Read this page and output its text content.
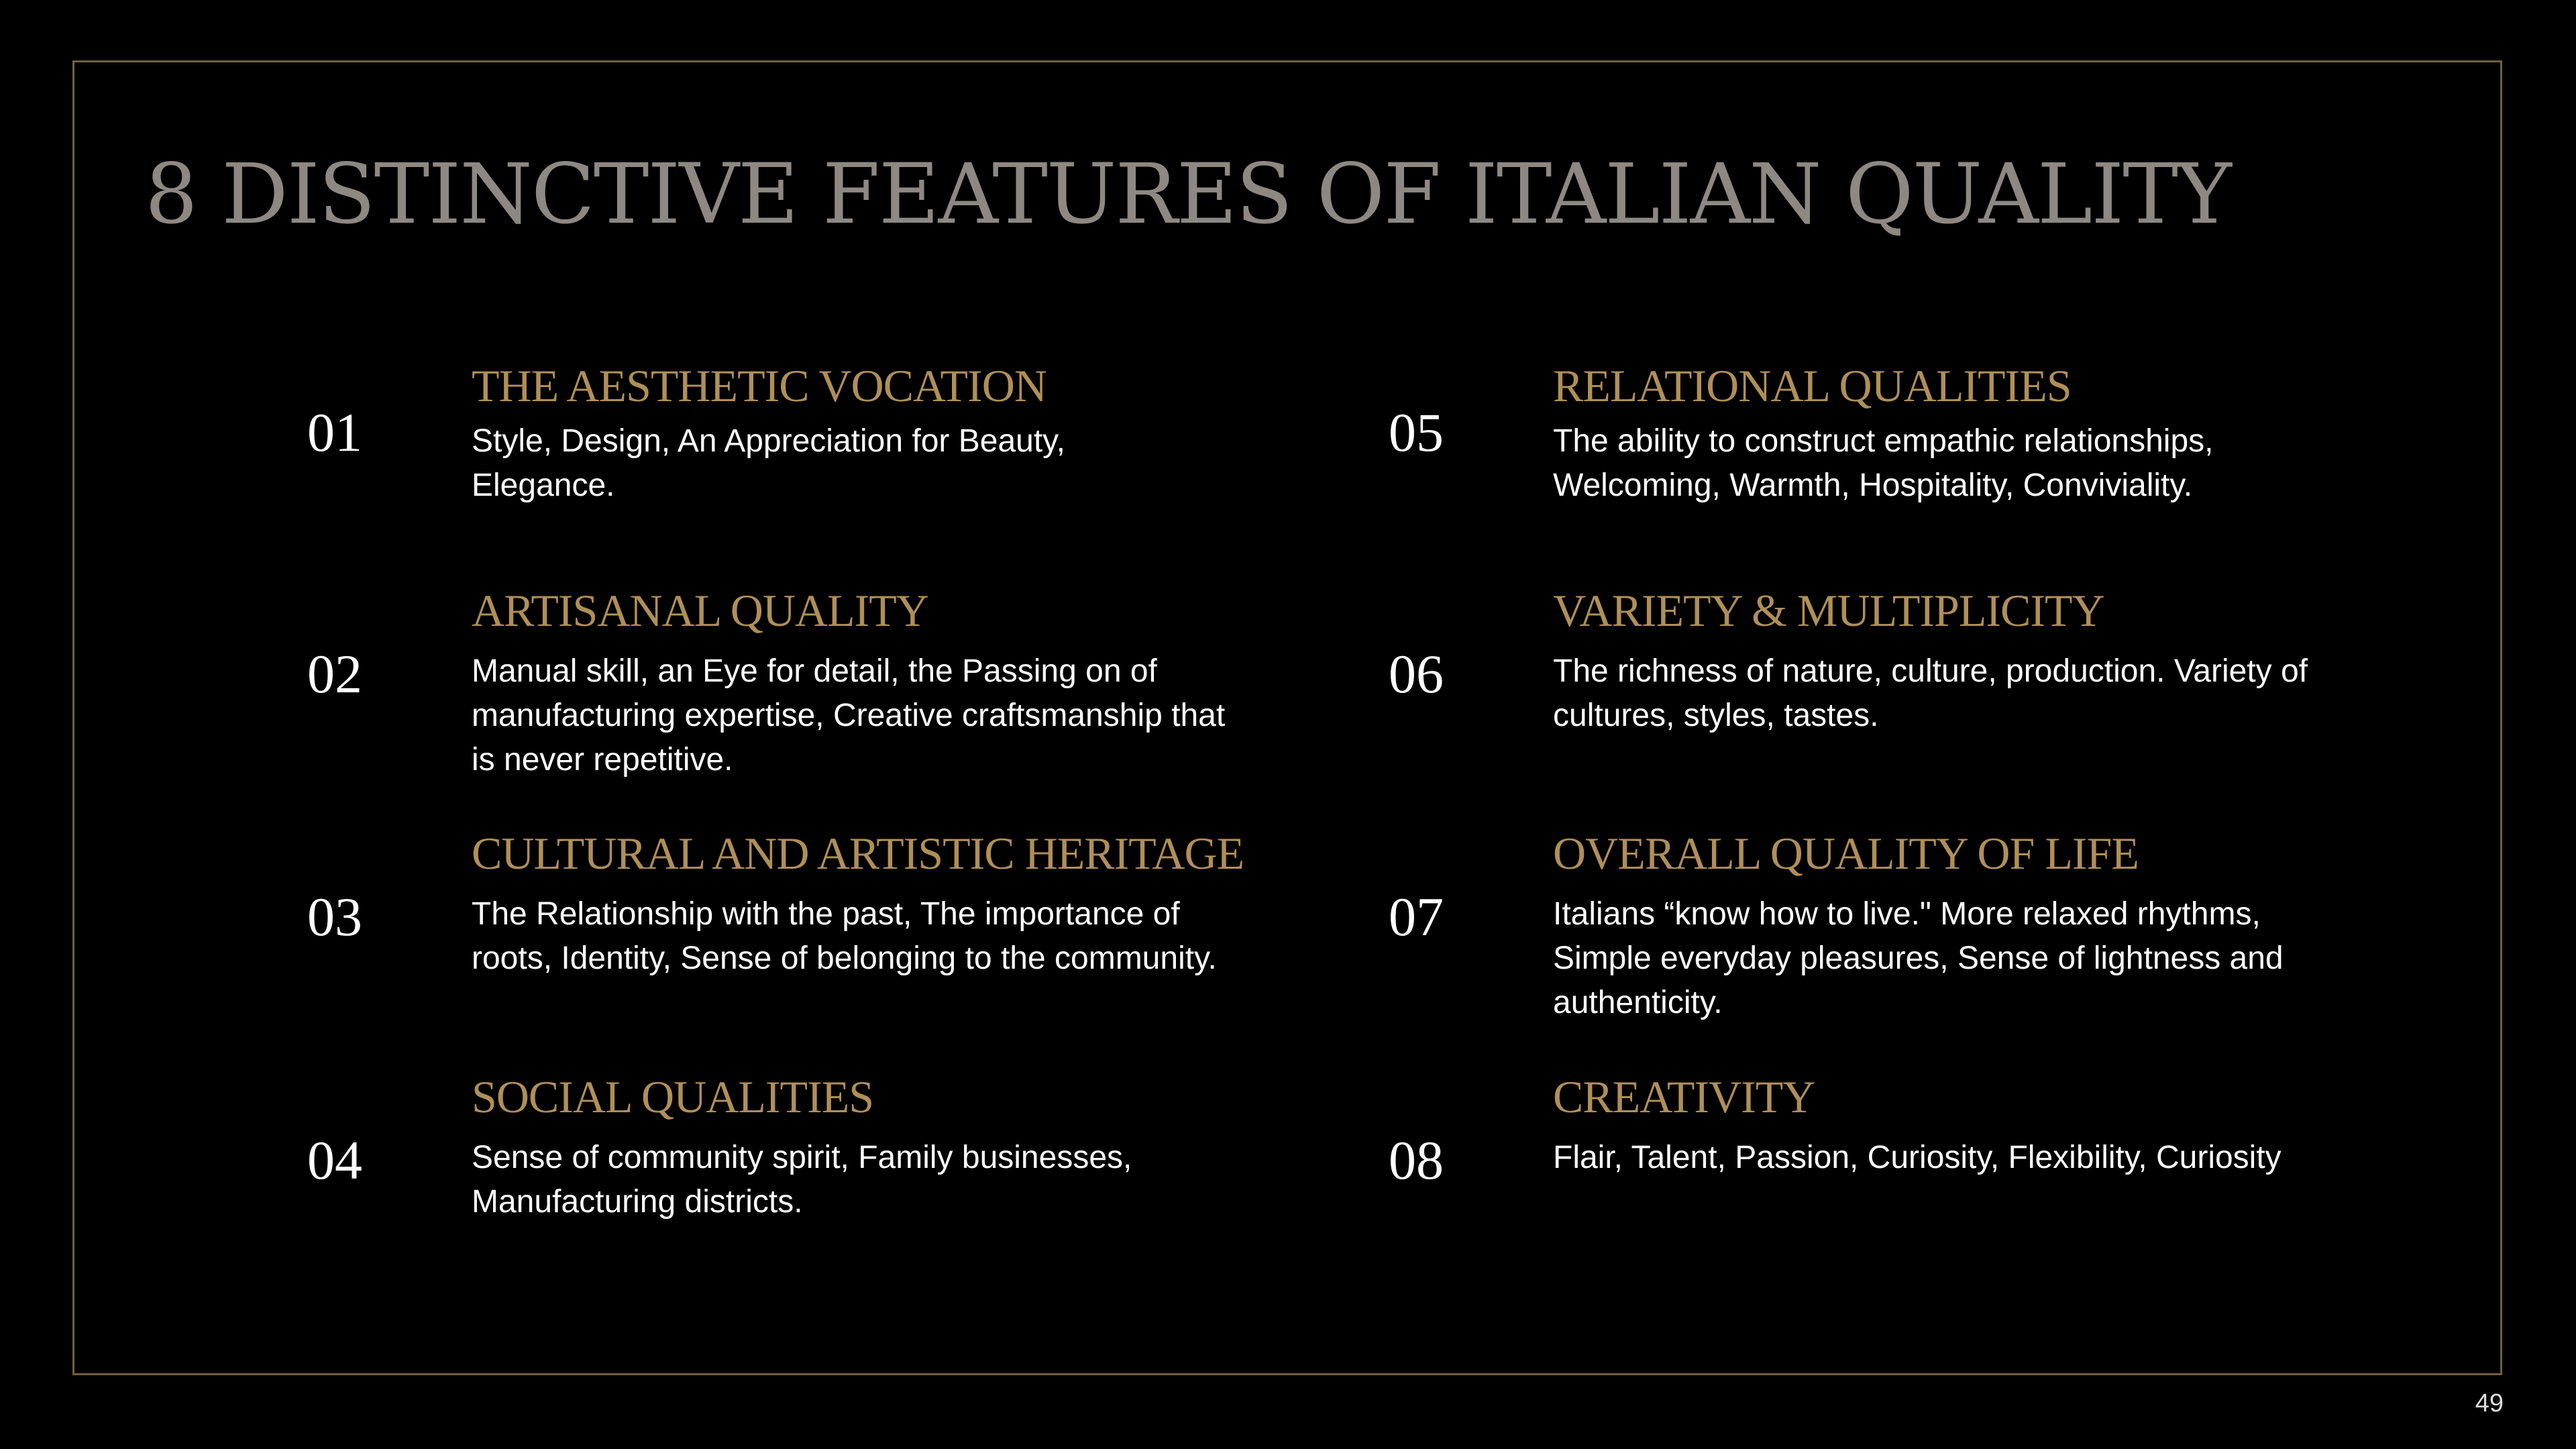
8 DISTINCTIVE FEATURES OF ITALIAN QUALITY
01
THE AESTHETIC VOCATION

Style, Design, An Appreciation for Beauty, Elegance.

02
ARTISANAL QUALITY

Manual skill, an Eye for detail, the Passing on of manufacturing expertise, Creative craftsmanship that is never repetitive.

03
CULTURAL AND ARTISTIC HERITAGE

The Relationship with the past, The importance of roots, Identity, Sense of belonging to the community.

04
SOCIAL QUALITIES

Sense of community spirit, Family businesses, Manufacturing districts.

05
RELATIONAL QUALITIES

The ability to construct empathic relationships, Welcoming, Warmth, Hospitality, Conviviality.

06
VARIETY & MULTIPLICITY

The richness of nature, culture, production. Variety of cultures, styles, tastes.

07
OVERALL QUALITY OF LIFE

Italians “know how to live." More relaxed rhythms, Simple everyday pleasures, Sense of lightness and authenticity.

08
CREATIVITY

Flair, Talent, Passion, Curiosity, Flexibility, Curiosity

49
